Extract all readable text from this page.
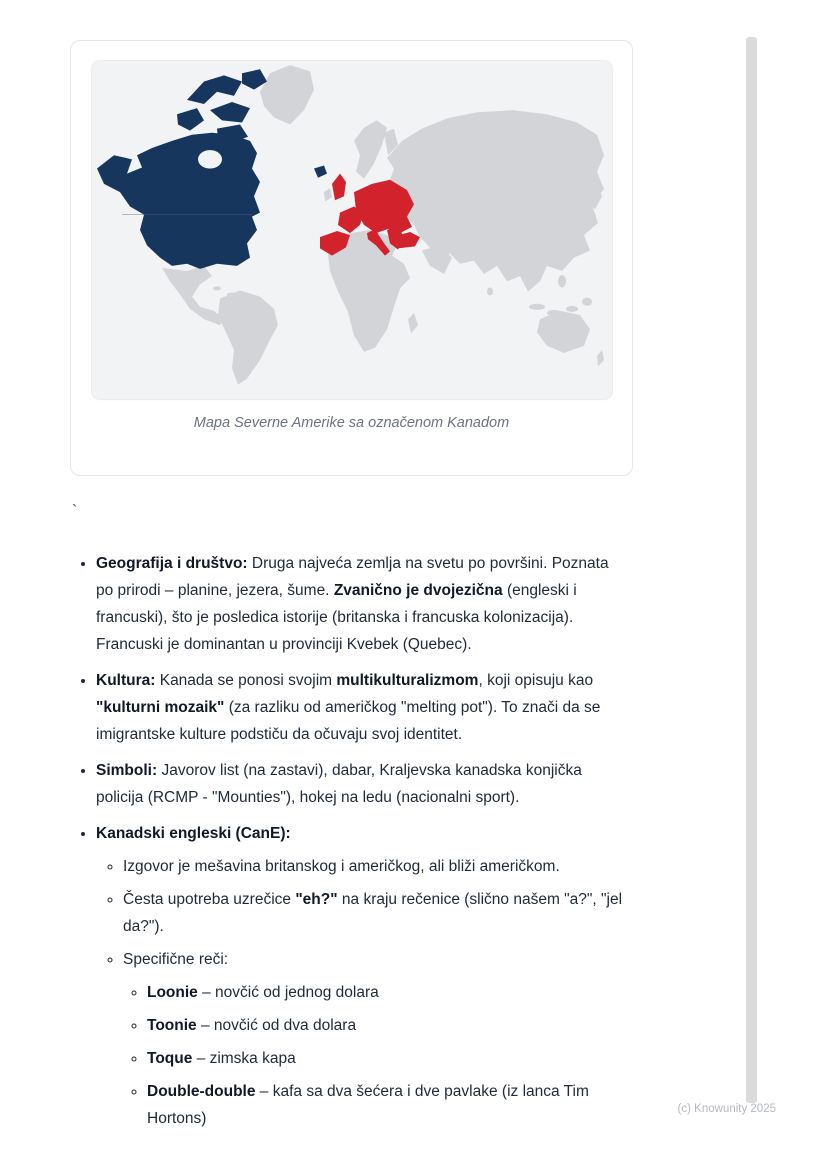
Mapa Severne Amerike sa označenom Kanadom
`
• Geografija i društvo: Druga najveća zemlja na svetu po površini. Poznata po prirodi – planine, jezera, šume. Zvanično je dvojezična (engleski i francuski), što je posledica istorije (britanska i francuska kolonizacija). Francuski je dominantan u provinciji Kvebek (Quebec).
• Kultura: Kanada se ponosi svojim multikulturalizmom, koji opisuju kao "kulturni mozaik" (za razliku od američkog "melting pot"). To znači da se imigrantske kulture podstiču da očuvaju svoj identitet.
• Simboli: Javorov list (na zastavi), dabar, Kraljevska kanadska konjička policija (RCMP - "Mounties"), hokej na ledu (nacionalni sport).
• Kanadski engleski (CanE):
◦ Izgovor je mešavina britanskog i američkog, ali bliži američkom.
◦ Česta upotreba uzrečice "eh?" na kraju rečenice (slično našem "a?", "jel da?").
◦ Specifične reči:
◦ Loonie – novčić od jednog dolara
◦ Toonie – novčić od dva dolara
◦ Toque – zimska kapa
◦ Double-double – kafa sa dva šećera i dve pavlake (iz lanca Tim Hortons)
(c) Knowunity 2025
